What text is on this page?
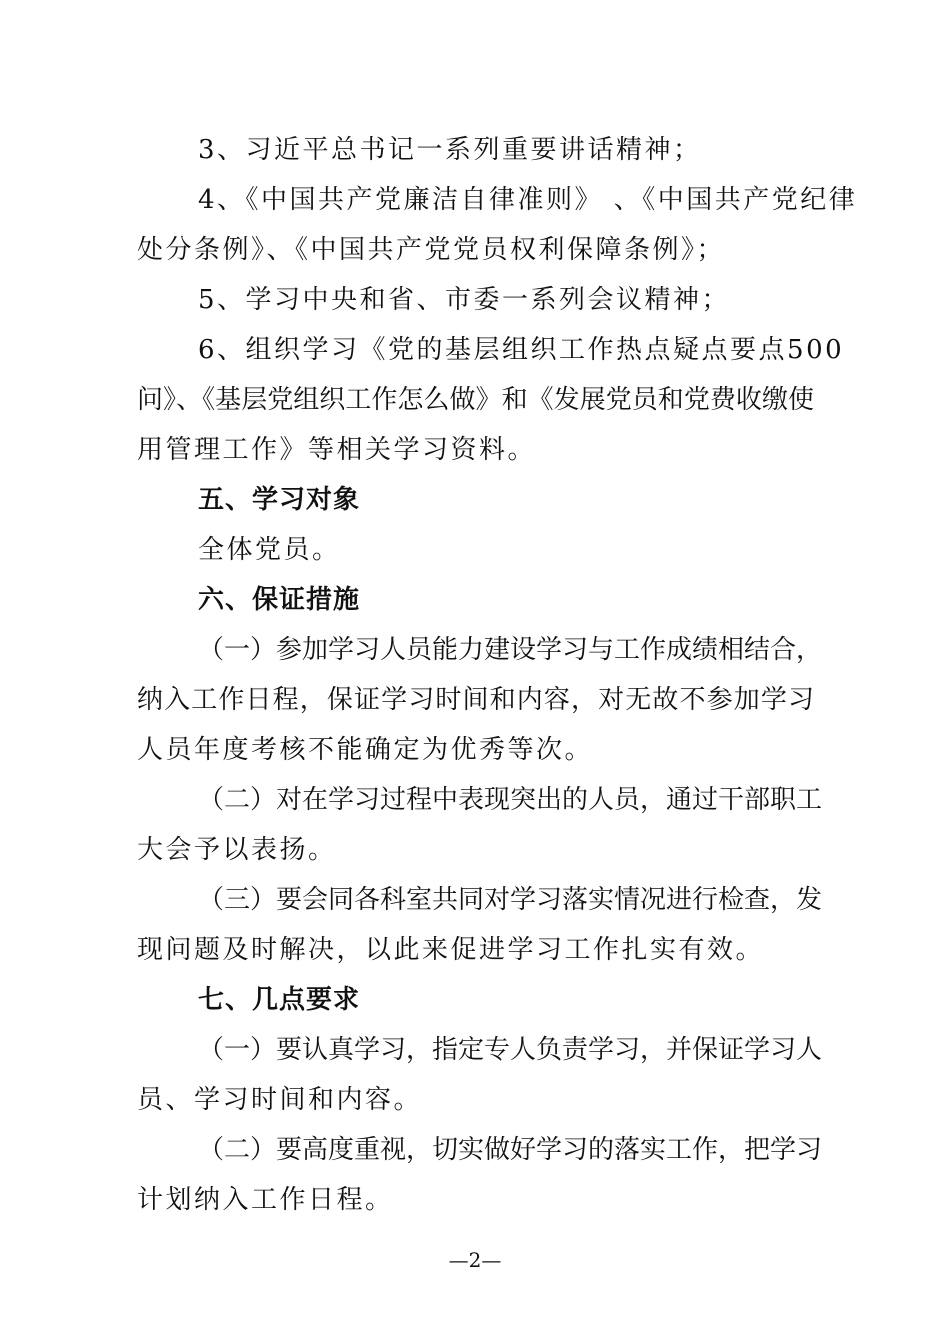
3、习近平总书记一系列重要讲话精神；
4、《中国共产党廉洁自律准则》 、《中国共产党纪律
处分条例》、《中国共产党党员权利保障条例》；
5、学习中央和省、市委一系列会议精神；
6、组织学习《党的基层组织工作热点疑点要点500
问》、《基层党组织工作怎么做》和《发展党员和党费收缴使
用管理工作》等相关学习资料。
五、学习对象
全体党员。
六、保证措施
（一）参加学习人员能力建设学习与工作成绩相结合，
纳入工作日程，保证学习时间和内容，对无故不参加学习
人员年度考核不能确定为优秀等次。
（二）对在学习过程中表现突出的人员，通过干部职工
大会予以表扬。
（三）要会同各科室共同对学习落实情况进行检查，发
现问题及时解决，以此来促进学习工作扎实有效。
七、几点要求
（一）要认真学习，指定专人负责学习，并保证学习人
员、学习时间和内容。
（二）要高度重视，切实做好学习的落实工作，把学习
计划纳入工作日程。
—2—
